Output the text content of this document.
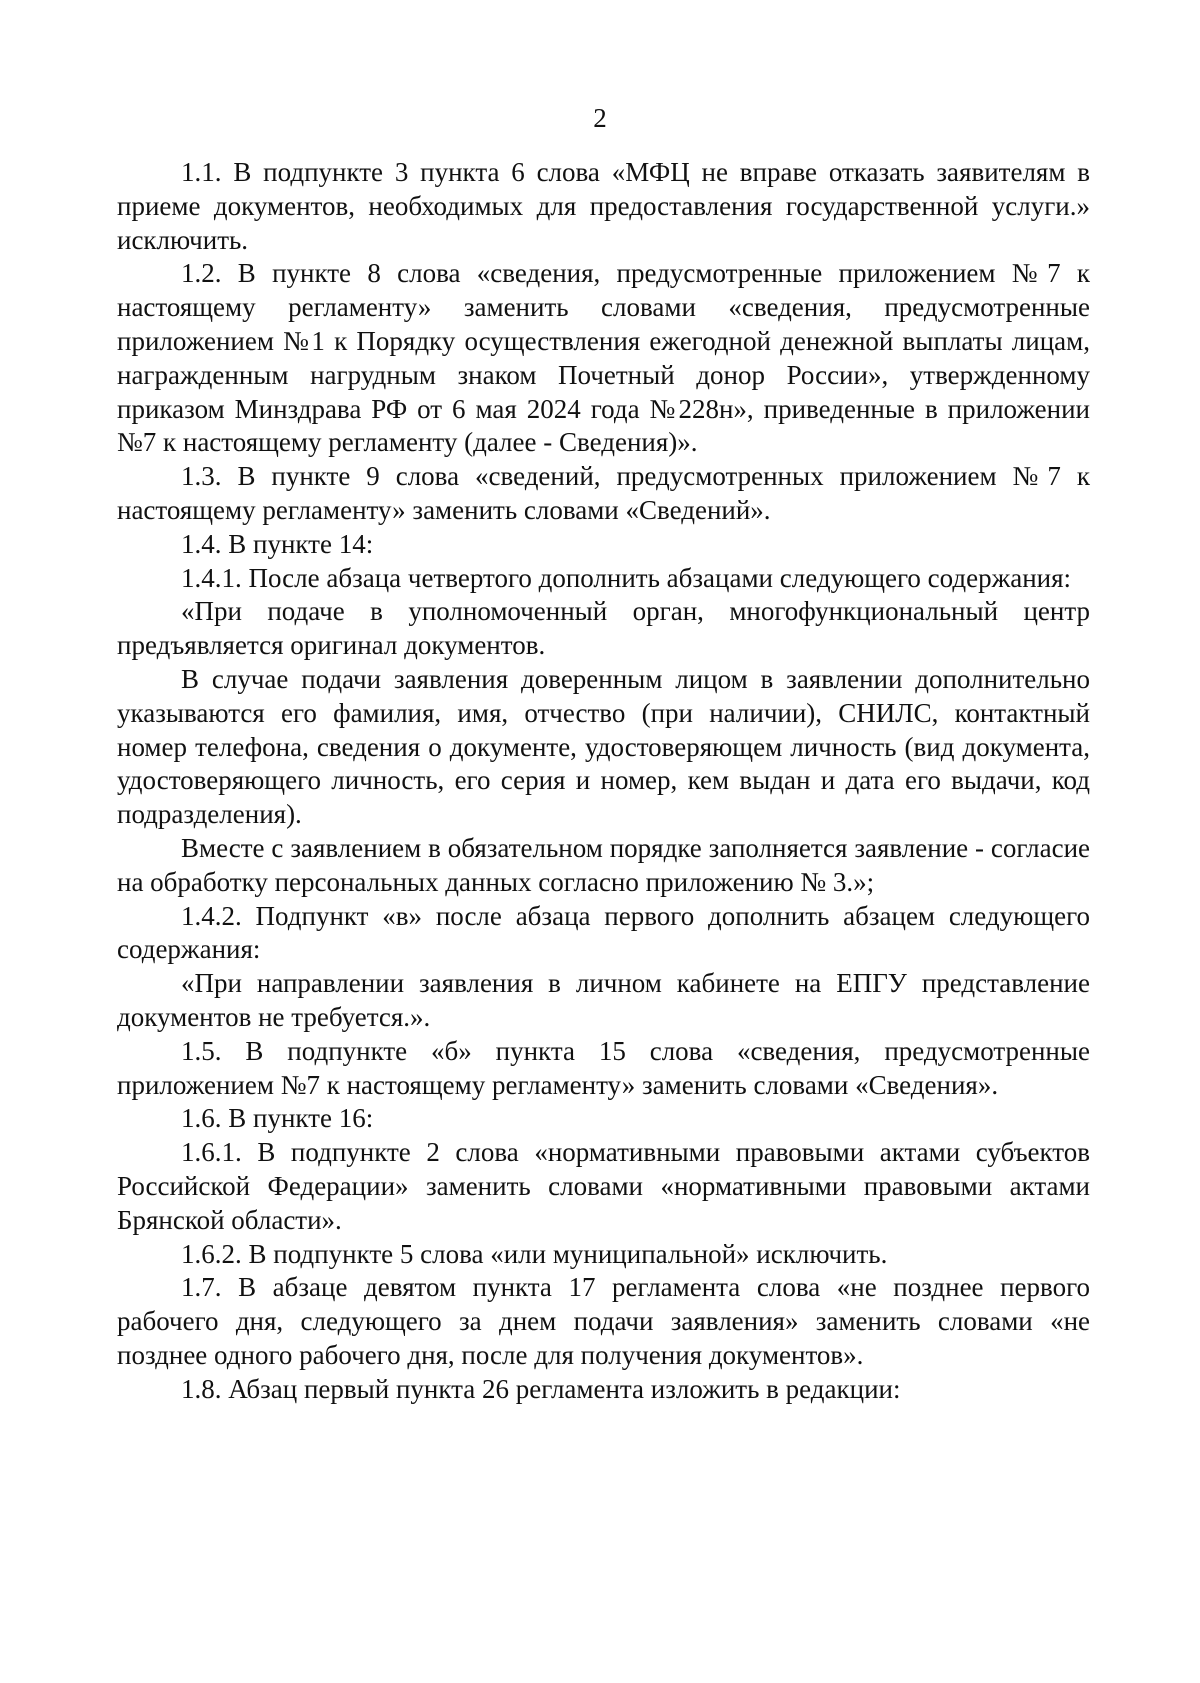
2

1.1. В подпункте 3 пункта 6 слова «МФЦ не вправе отказать заявителям в приеме документов, необходимых для предоставления государственной услуги.» исключить.

1.2. В пункте 8 слова «сведения, предусмотренные приложением №7 к настоящему регламенту» заменить словами «сведения, предусмотренные приложением №1 к Порядку осуществления ежегодной денежной выплаты лицам, награжденным нагрудным знаком Почетный донор России», утвержденному приказом Минздрава РФ от 6 мая 2024 года №228н», приведенные в приложении №7 к настоящему регламенту (далее - Сведения)».

1.3. В пункте 9 слова «сведений, предусмотренных приложением №7 к настоящему регламенту» заменить словами «Сведений».

1.4. В пункте 14:

1.4.1. После абзаца четвертого дополнить абзацами следующего содержания:

«При подаче в уполномоченный орган, многофункциональный центр предъявляется оригинал документов.

В случае подачи заявления доверенным лицом в заявлении дополнительно указываются его фамилия, имя, отчество (при наличии), СНИЛС, контактный номер телефона, сведения о документе, удостоверяющем личность (вид документа, удостоверяющего личность, его серия и номер, кем выдан и дата его выдачи, код подразделения).

Вместе с заявлением в обязательном порядке заполняется заявление - согласие на обработку персональных данных согласно приложению № 3.»;

1.4.2. Подпункт «в» после абзаца первого дополнить абзацем следующего содержания:

«При направлении заявления в личном кабинете на ЕПГУ представление документов не требуется.».

1.5. В подпункте «б» пункта 15 слова «сведения, предусмотренные приложением №7 к настоящему регламенту» заменить словами «Сведения».

1.6. В пункте 16:

1.6.1. В подпункте 2 слова «нормативными правовыми актами субъектов Российской Федерации» заменить словами «нормативными правовыми актами Брянской области».

1.6.2. В подпункте 5 слова «или муниципальной» исключить.

1.7. В абзаце девятом пункта 17 регламента слова «не позднее первого рабочего дня, следующего за днем подачи заявления» заменить словами «не позднее одного рабочего дня, после для получения документов».

1.8. Абзац первый пункта 26 регламента изложить в редакции:
